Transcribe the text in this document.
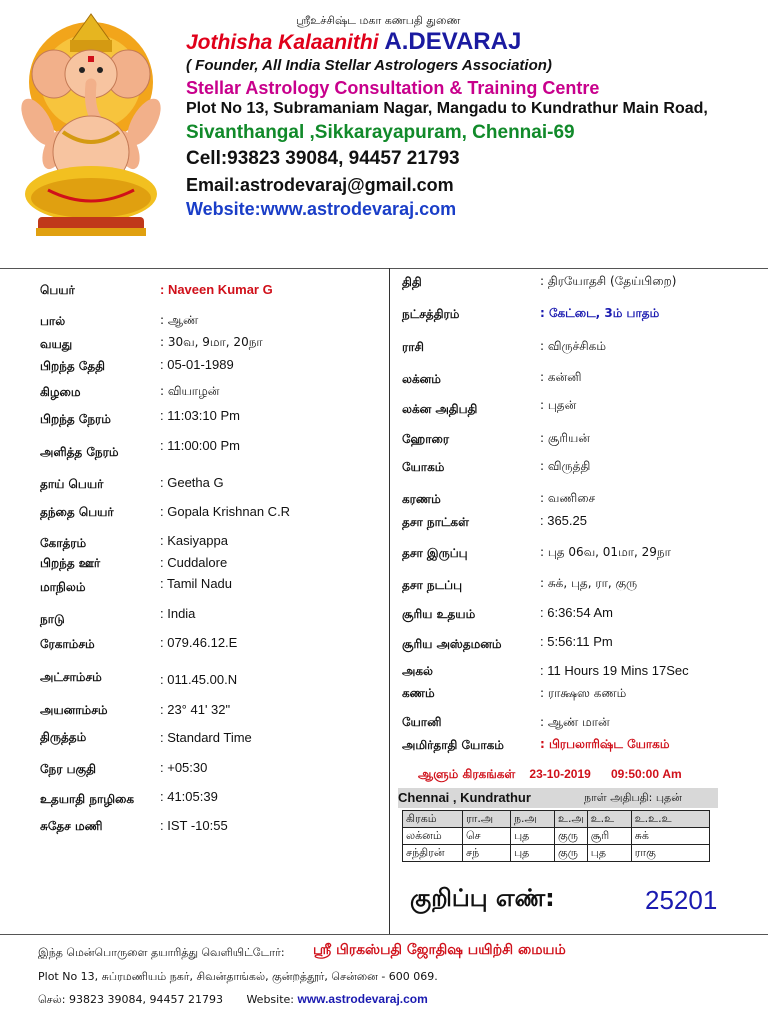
ஸ்ரீஉச்சிஷ்ட மகா கணபதி துணை
Jothisha Kalaanithi A.DEVARAJ
( Founder, All India Stellar Astrologers Association)
Stellar Astrology Consultation & Training Centre
Plot No 13, Subramaniam Nagar, Mangadu to Kundrathur Main Road,
Sivanthangal ,Sikkarayapuram, Chennai-69
Cell:93823 39084, 94457 21793
Email:astrodevaraj@gmail.com
Website:www.astrodevaraj.com
பெயர்	: Naveen Kumar G
பால்	: ஆண்
வயது	: 30வ, 9மா, 20நா
பிறந்த தேதி	: 05-01-1989
கிழமை	: வியாழன்
பிறந்த நேரம்	: 11:03:10 Pm
அளித்த நேரம்	: 11:00:00 Pm
தாய் பெயர்	: Geetha G
தந்தை பெயர்	: Gopala Krishnan C.R
கோத்ரம்	: Kasiyappa
பிறந்த ஊர்	: Cuddalore
மாநிலம்	: Tamil Nadu
நாடு	: India
ரேகாம்சம்	: 079.46.12.E
அட்சாம்சம்	: 011.45.00.N
அயனாம்சம்	: 23° 41' 32"
திருத்தம்	: Standard Time
நேர பகுதி	: +05:30
உதயாதி நாழிகை : 41:05:39
சுதேச மணி	: IST -10:55
திதி	: திரயோதசி (தேய்பிறை)
நட்சத்திரம்	: கேட்டை, 3ம் பாதம்
ராசி	: விருச்சிகம்
லக்னம்	: கன்னி
லக்ன அதிபதி	: புதன்
ஹோரை	: சூரியன்
யோகம்	: விருத்தி
கரணம்	: வணிசை
தசா நாட்கள்	: 365.25
தசா இருப்பு	: புத 06வ, 01மா, 29நா
தசா நடப்பு	: சுக், புத, ரா, குரு
சூரிய உதயம்	: 6:36:54 Am
சூரிய அஸ்தமனம்	: 5:56:11 Pm
அகல்	: 11 Hours 19 Mins 17Sec
கணம்	: ராக்ஷஸ கணம்
யோனி	: ஆண் மான்
அமிர்தாதி யோகம்	: பிரபலாரிஷ்ட யோகம்
ஆளும் கிரகங்கள் 23-10-2019 09:50:00 Am
Chennai , Kundrathur	நாள் அதிபதி: புதன்
கிரகம்	ரா.அ	ந.அ	உ.அ	உ.உ	உ.உ.உ
லக்னம்	செ	புத	குரு	சூரி	சுக்
சந்திரன்	சந்	புத	குரு	புத	ராகு
குறிப்பு எண்:	25201
இந்த மென்பொருளை தயாரித்து வெளியிட்டோர்: ஸ்ரீ பிரகஸ்பதி ஜோதிஷ பயிற்சி மையம்
Plot No 13, சுப்ரமணியம் நகர், சிவன்தாங்கல், குன்றத்தூர், சென்னை - 600 069.
செல்: 93823 39084, 94457 21793 Website: www.astrodevaraj.com
